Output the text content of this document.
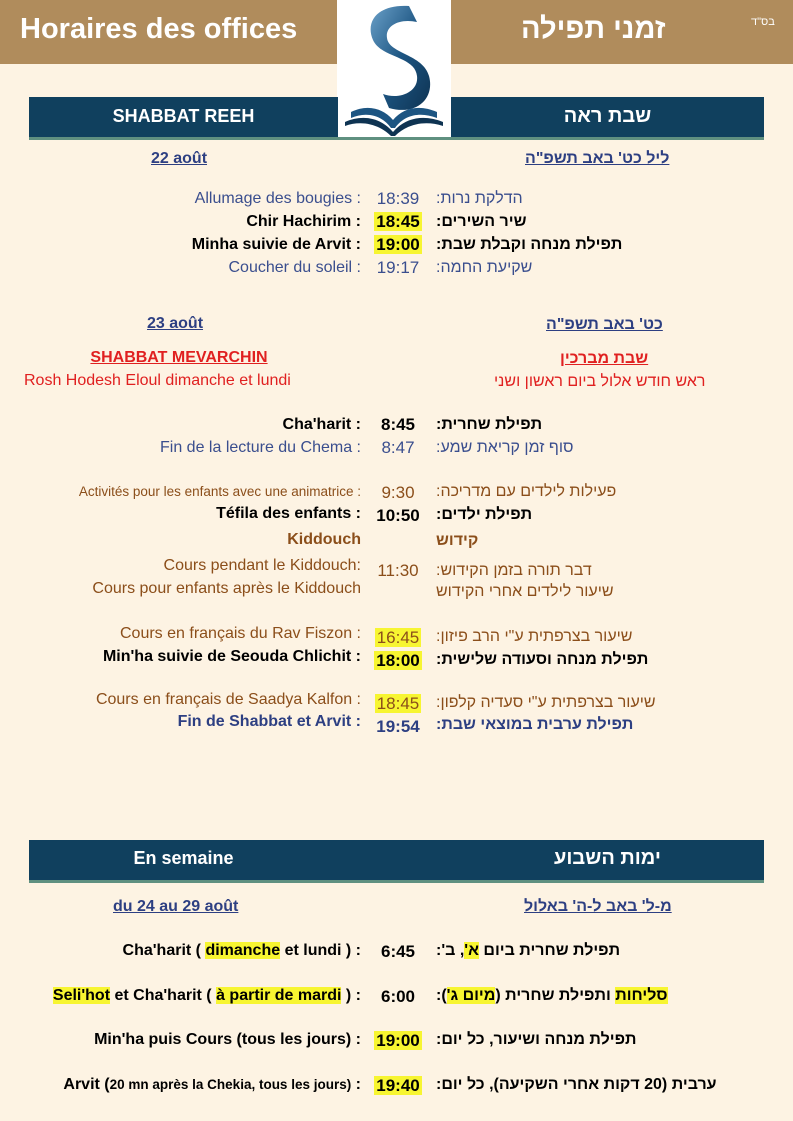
Horaires des offices	זמני תפילה	בס"ד
SHABBAT REEH	שבת ראה
22 août	ליל כט' באב תשפ"ה
Allumage des bougies : 18:39	הדלקת נרות:
Chir Hachirim : 18:45	שיר השירים:
Minha suivie de Arvit : 19:00	תפילת מנחה וקבלת שבת:
Coucher du soleil : 19:17	שקיעת החמה:
23 août	כט' באב תשפ"ה
SHABBAT MEVARCHIN	שבת מברכין
Rosh Hodesh Eloul dimanche et lundi	ראש חודש אלול ביום ראשון ושני
Cha'harit :	8:45	תפילת שחרית:
Fin de la lecture du Chema :	8:47	סוף זמן קריאת שמע:
Activités pour les enfants avec une animatrice :	9:30	פעילות לילדים עם מדריכה:
Téfila des enfants : 10:50	תפילת ילדים:
Kiddouch	קידוש
Cours pendant le Kiddouch: 11:30	דבר תורה בזמן הקידוש:
Cours pour enfants après le Kiddouch	שיעור לילדים אחרי הקידוש
Cours en français du Rav Fiszon : 16:45	שיעור בצרפתית ע"י הרב פיזון:
Min'ha suivie de Seouda Chlichit : 18:00	תפילת מנחה וסעודה שלישית:
Cours en français de Saadya Kalfon : 18:45	שיעור בצרפתית ע"י סעדיה קלפון:
Fin de Shabbat et Arvit : 19:54	תפילת ערבית במוצאי שבת:
En semaine	ימות השבוע
du 24 au 29 août	מ-ל' באב ל-ה' באלול
Cha'harit ( dimanche et lundi ) :	6:45	תפילת שחרית ביום א', ב':
Seli'hot et Cha'harit ( à partir de mardi ) :	6:00	סליחות ותפילת שחרית (מיום ג'):
Min'ha puis Cours (tous les jours) : 19:00	תפילת מנחה ושיעור, כל יום:
Arvit (20 mn après la Chekia, tous les jours) : 19:40	ערבית (20 דקות אחרי השקיעה), כל יום:
